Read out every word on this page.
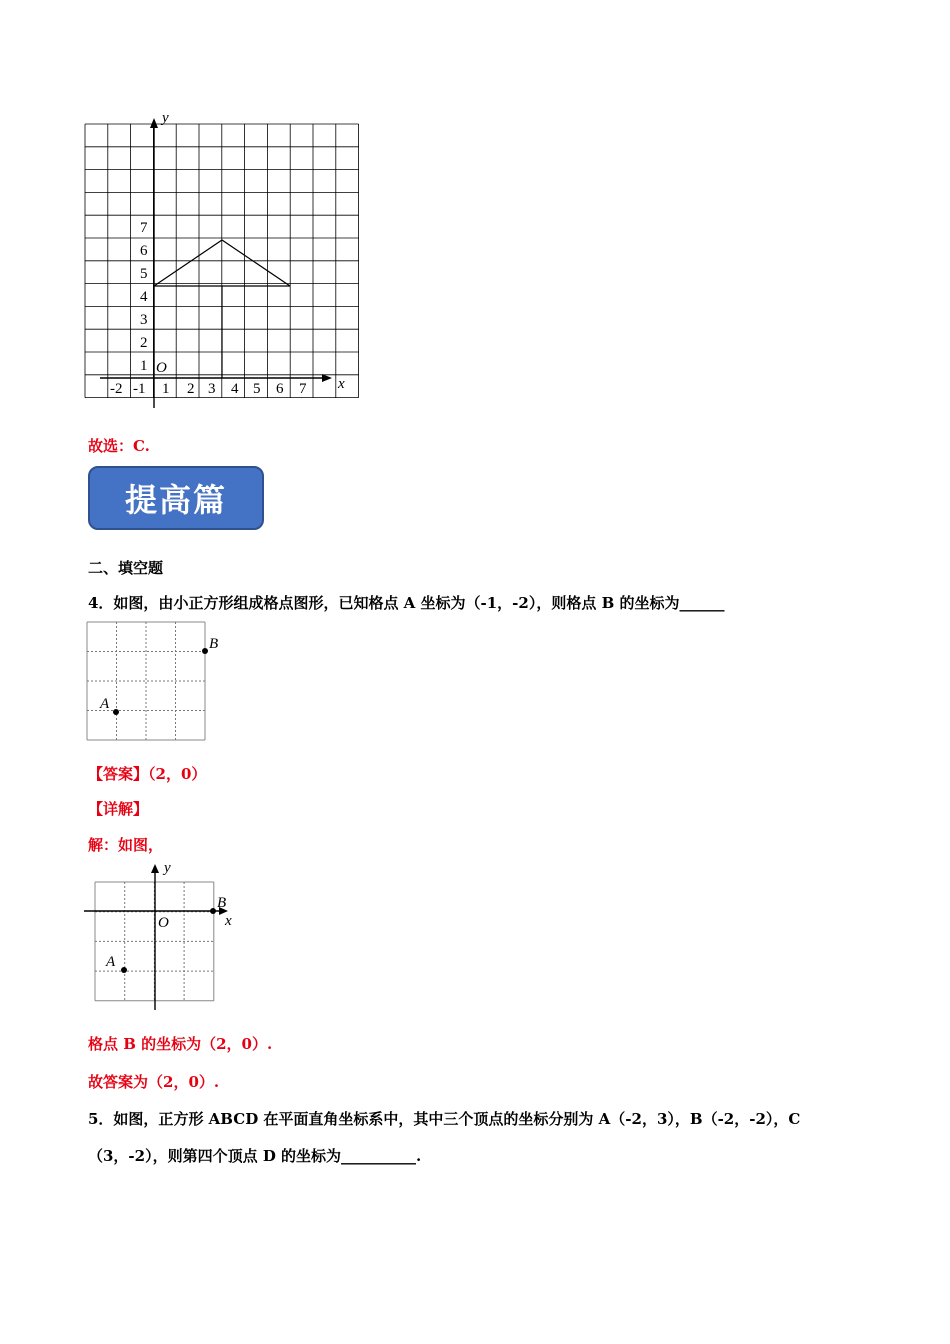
y
x
O
1
2
3
4
5
6
7
-2 -1 1 2 3 4 5 6 7
故选：C.
提高篇
二、填空题
4．如图，由小正方形组成格点图形，已知格点 A 坐标为（-1，-2），则格点 B 的坐标为______
A
B
【答案】（2，0）
【详解】
解：如图，
y
x
O
A
B
格点 B 的坐标为（2，0）.
故答案为（2，0）.
5．如图，正方形 ABCD 在平面直角坐标系中，其中三个顶点的坐标分别为 A（-2，3），B（-2，-2），C
（3，-2），则第四个顶点 D 的坐标为__________.
